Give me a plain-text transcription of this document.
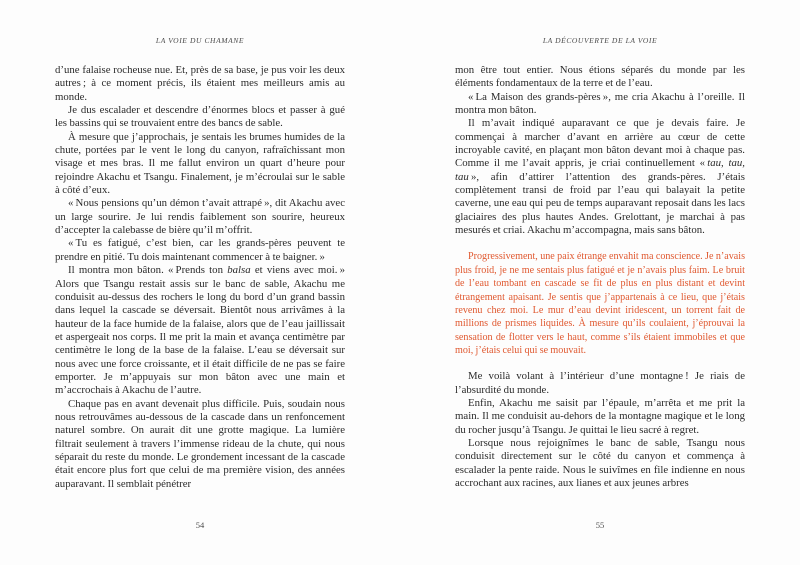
LA VOIE DU CHAMANE

d’une falaise rocheuse nue. Et, près de sa base, je pus voir les deux autres ; à ce moment précis, ils étaient mes meilleurs amis au monde.

Je dus escalader et descendre d’énormes blocs et passer à gué les bassins qui se trouvaient entre des bancs de sable.

À mesure que j’approchais, je sentais les brumes humides de la chute, portées par le vent le long du canyon, rafraîchissant mon visage et mes bras. Il me fallut environ un quart d’heure pour rejoindre Akachu et Tsangu. Finalement, je m’écroulai sur le sable à côté d’eux.

« Nous pensions qu’un démon t’avait attrapé », dit Akachu avec un large sourire. Je lui rendis faiblement son sourire, heureux d’accepter la calebasse de bière qu’il m’offrit.

« Tu es fatigué, c’est bien, car les grands-pères peuvent te prendre en pitié. Tu dois maintenant commencer à te baigner. »

Il montra mon bâton. « Prends ton balsa et viens avec moi. » Alors que Tsangu restait assis sur le banc de sable, Akachu me conduisit au-dessus des rochers le long du bord d’un grand bassin dans lequel la cascade se déversait. Bientôt nous arrivâmes à la hauteur de la face humide de la falaise, alors que de l’eau jaillissait et aspergeait nos corps. Il me prit la main et avança centimètre par centimètre le long de la base de la falaise. L’eau se déversait sur nous avec une force croissante, et il était difficile de ne pas se faire emporter. Je m’appuyais sur mon bâton avec une main et m’accrochais à Akachu de l’autre.

Chaque pas en avant devenait plus difficile. Puis, soudain nous nous retrouvâmes au-dessous de la cascade dans un renfoncement naturel sombre. On aurait dit une grotte magique. La lumière filtrait seulement à travers l’immense rideau de la chute, qui nous séparait du reste du monde. Le grondement incessant de la cascade était encore plus fort que celui de ma première vision, des années auparavant. Il semblait pénétrer

54
LA DÉCOUVERTE DE LA VOIE

mon être tout entier. Nous étions séparés du monde par les éléments fondamentaux de la terre et de l’eau.

« La Maison des grands-pères », me cria Akachu à l’oreille. Il montra mon bâton.

Il m’avait indiqué auparavant ce que je devais faire. Je commençai à marcher d’avant en arrière au cœur de cette incroyable cavité, en plaçant mon bâton devant moi à chaque pas. Comme il me l’avait appris, je criai continuellement « tau, tau, tau », afin d’attirer l’attention des grands-pères. J’étais complètement transi de froid par l’eau qui balayait la petite caverne, une eau qui peu de temps auparavant reposait dans les lacs glaciaires des plus hautes Andes. Grelottant, je marchai à pas mesurés et criai. Akachu m’accompagna, mais sans bâton.

Progressivement, une paix étrange envahit ma conscience. Je n’avais plus froid, je ne me sentais plus fatigué et je n’avais plus faim. Le bruit de l’eau tombant en cascade se fit de plus en plus distant et devint étrangement apaisant. Je sentis que j’appartenais à ce lieu, que j’étais revenu chez moi. Le mur d’eau devint iridescent, un torrent fait de millions de prismes liquides. À mesure qu’ils coulaient, j’éprouvai la sensation de flotter vers le haut, comme s’ils étaient immobiles et que moi, j’étais celui qui se mouvait.

Me voilà volant à l’intérieur d’une montagne ! Je riais de l’absurdité du monde.

Enfin, Akachu me saisit par l’épaule, m’arrêta et me prit la main. Il me conduisit au-dehors de la montagne magique et le long du rocher jusqu’à Tsangu. Je quittai le lieu sacré à regret.

Lorsque nous rejoignîmes le banc de sable, Tsangu nous conduisit directement sur le côté du canyon et commença à escalader la pente raide. Nous le suivîmes en file indienne en nous accrochant aux racines, aux lianes et aux jeunes arbres

55
